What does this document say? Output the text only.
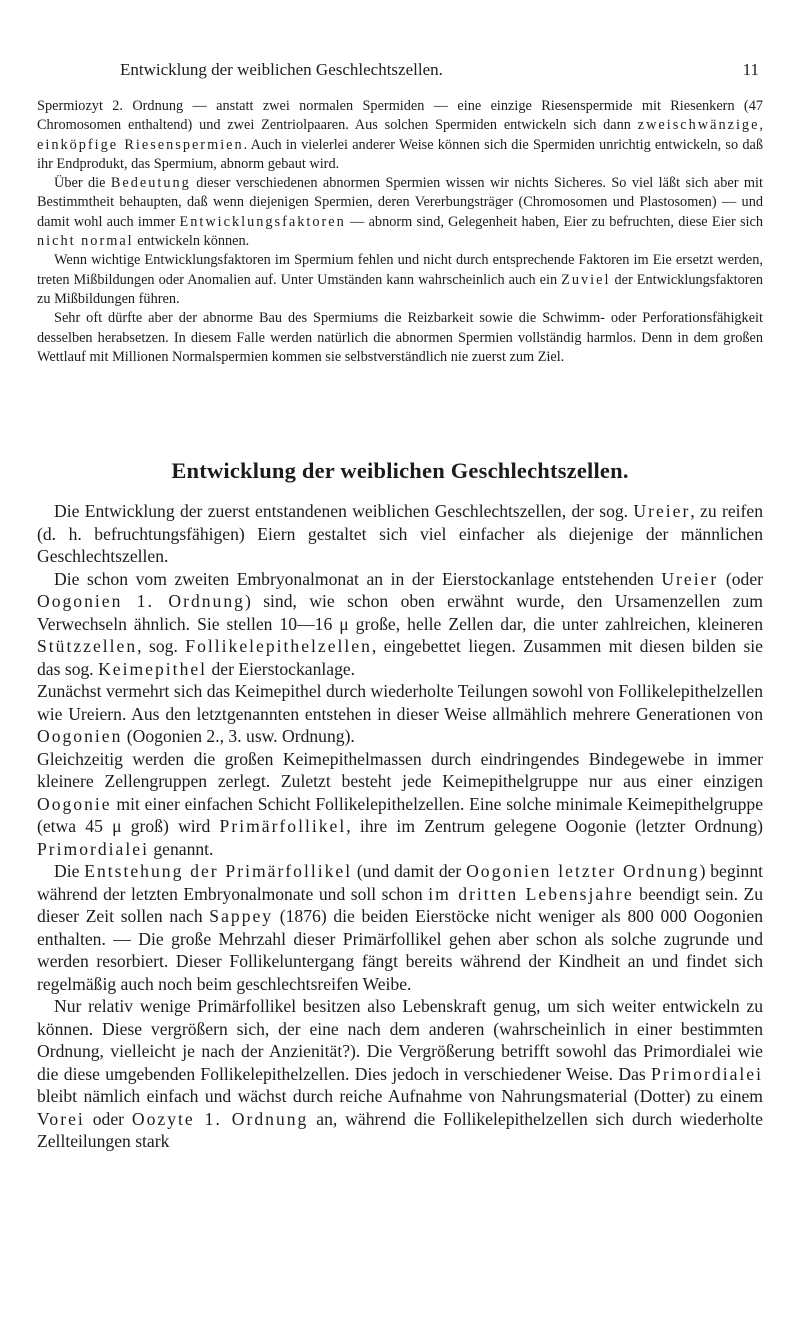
Entwicklung der weiblichen Geschlechtszellen.	11

Spermiozyt 2. Ordnung — anstatt zwei normalen Spermiden — eine einzige Riesenspermide mit Riesenkern (47 Chromosomen enthaltend) und zwei Zentriolpaaren. Aus solchen Spermiden entwickeln sich dann zweischwänzige, einköpfige Riesenspermien. Auch in vielerlei anderer Weise können sich die Spermiden unrichtig entwickeln, so daß ihr Endprodukt, das Spermium, abnorm gebaut wird.

Über die Bedeutung dieser verschiedenen abnormen Spermien wissen wir nichts Sicheres. So viel läßt sich aber mit Bestimmtheit behaupten, daß wenn diejenigen Spermien, deren Vererbungsträger (Chromosomen und Plastosomen) — und damit wohl auch immer Entwicklungsfaktoren — abnorm sind, Gelegenheit haben, Eier zu befruchten, diese Eier sich nicht normal entwickeln können.

Wenn wichtige Entwicklungsfaktoren im Spermium fehlen und nicht durch entsprechende Faktoren im Eie ersetzt werden, treten Mißbildungen oder Anomalien auf. Unter Umständen kann wahrscheinlich auch ein Zuviel der Entwicklungsfaktoren zu Mißbildungen führen.

Sehr oft dürfte aber der abnorme Bau des Spermiums die Reizbarkeit sowie die Schwimm- oder Perforationsfähigkeit desselben herabsetzen. In diesem Falle werden natürlich die abnormen Spermien vollständig harmlos. Denn in dem großen Wettlauf mit Millionen Normalspermien kommen sie selbstverständlich nie zuerst zum Ziel.

Entwicklung der weiblichen Geschlechtszellen.

Die Entwicklung der zuerst entstandenen weiblichen Geschlechtszellen, der sog. Ureier, zu reifen (d. h. befruchtungsfähigen) Eiern gestaltet sich viel einfacher als diejenige der männlichen Geschlechtszellen.

Die schon vom zweiten Embryonalmonat an in der Eierstockanlage entstehenden Ureier (oder Oogonien 1. Ordnung) sind, wie schon oben erwähnt wurde, den Ursamenzellen zum Verwechseln ähnlich. Sie stellen 10—16 μ große, helle Zellen dar, die unter zahlreichen, kleineren Stützzellen, sog. Follikelepithelzellen, eingebettet liegen. Zusammen mit diesen bilden sie das sog. Keimepithel der Eierstockanlage.

Zunächst vermehrt sich das Keimepithel durch wiederholte Teilungen sowohl von Follikelepithelzellen wie Ureiern. Aus den letztgenannten entstehen in dieser Weise allmählich mehrere Generationen von Oogonien (Oogonien 2., 3. usw. Ordnung).

Gleichzeitig werden die großen Keimepithelmassen durch eindringendes Bindegewebe in immer kleinere Zellengruppen zerlegt. Zuletzt besteht jede Keimepithelgruppe nur aus einer einzigen Oogonie mit einer einfachen Schicht Follikelepithelzellen. Eine solche minimale Keimepithelgruppe (etwa 45 μ groß) wird Primärfollikel, ihre im Zentrum gelegene Oogonie (letzter Ordnung) Primordialei genannt.

Die Entstehung der Primärfollikel (und damit der Oogonien letzter Ordnung) beginnt während der letzten Embryonalmonate und soll schon im dritten Lebensjahre beendigt sein. Zu dieser Zeit sollen nach Sappey (1876) die beiden Eierstöcke nicht weniger als 800 000 Oogonien enthalten. — Die große Mehrzahl dieser Primärfollikel gehen aber schon als solche zugrunde und werden resorbiert. Dieser Follikeluntergang fängt bereits während der Kindheit an und findet sich regelmäßig auch noch beim geschlechtsreifen Weibe.

Nur relativ wenige Primärfollikel besitzen also Lebenskraft genug, um sich weiter entwickeln zu können. Diese vergrößern sich, der eine nach dem anderen (wahrscheinlich in einer bestimmten Ordnung, vielleicht je nach der Anzienität?). Die Vergrößerung betrifft sowohl das Primordialei wie die diese umgebenden Follikelepithelzellen. Dies jedoch in verschiedener Weise. Das Primordialei bleibt nämlich einfach und wächst durch reiche Aufnahme von Nahrungsmaterial (Dotter) zu einem Vorei oder Oozyte 1. Ordnung an, während die Follikelepithelzellen sich durch wiederholte Zellteilungen stark
